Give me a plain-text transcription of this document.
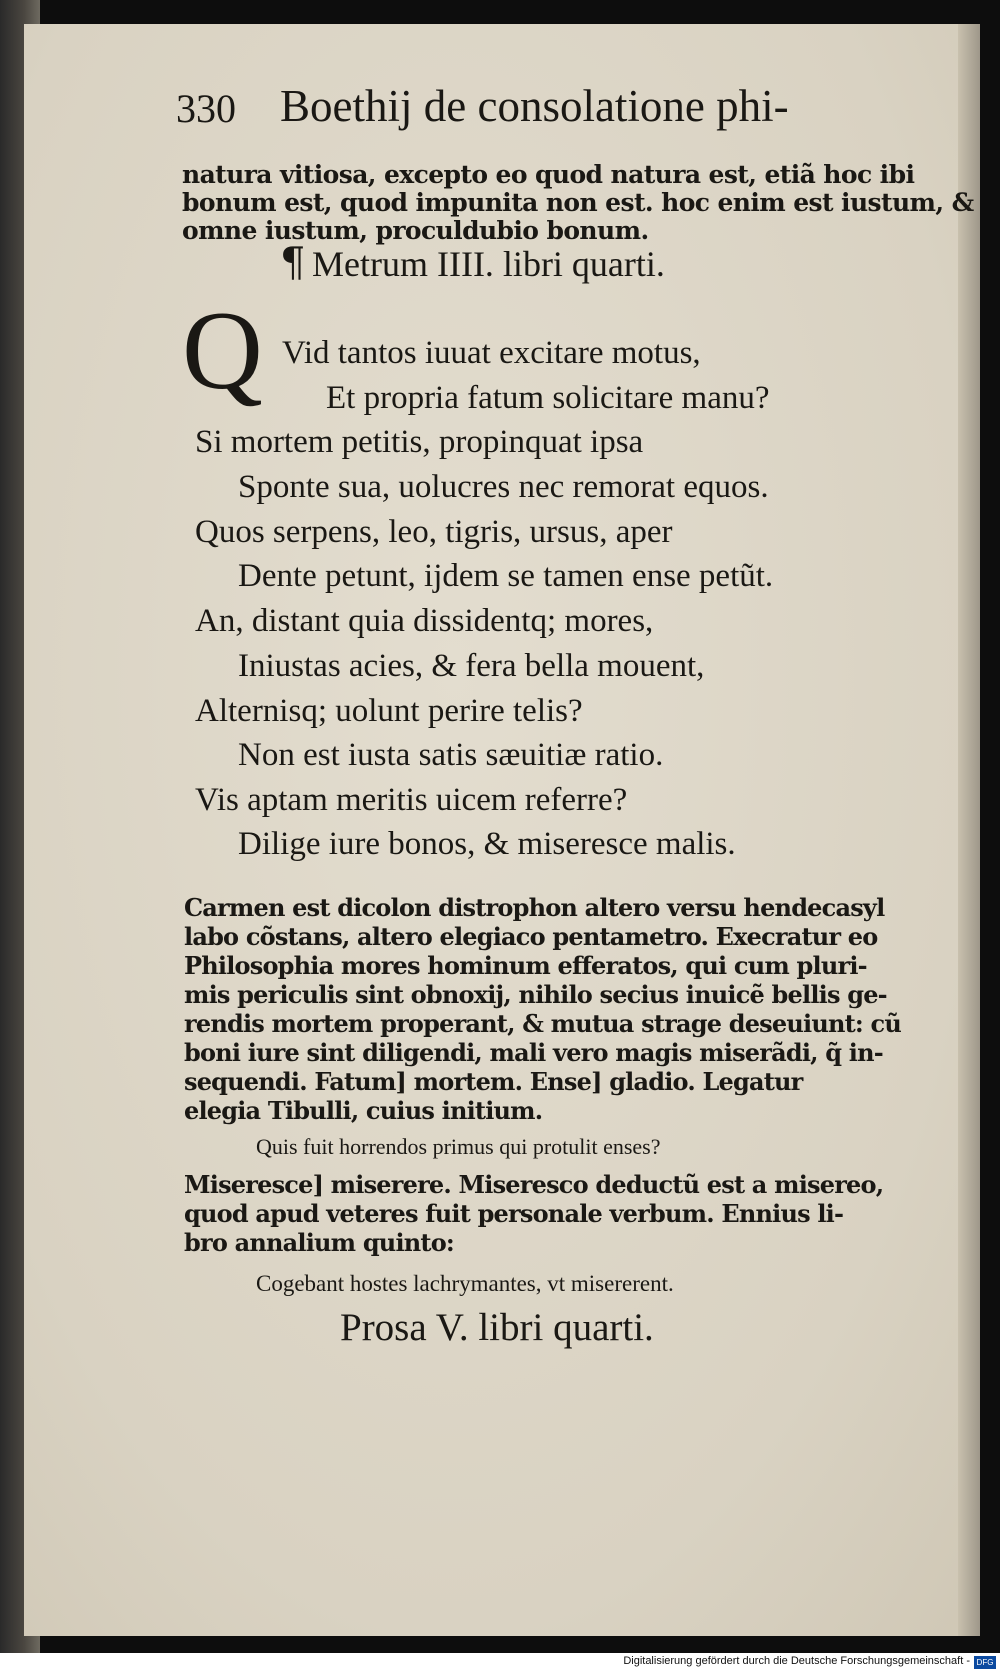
330 Boethij de consolatione phi-
natura vitiosa, excepto eo quod natura est, etiã hoc ibi
bonum est, quod impunita non est. hoc enim est iustum, &
omne iustum, proculdubio bonum.
¶ Metrum IIII. libri quarti.
Q Vid tantos iuuat excitare motus,
Et propria fatum solicitare manu?
Si mortem petitis, propinquat ipsa
Sponte sua, uolucres nec remorat equos.
Quos serpens, leo, tigris, ursus, aper
Dente petunt, ijdem se tamen ense petũt.
An, distant quia dissidentq; mores,
Iniustas acies, & fera bella mouent,
Alternisq; uolunt perire telis?
Non est iusta satis sæuitiæ ratio.
Vis aptam meritis uicem referre?
Dilige iure bonos, & miseresce malis.
Carmen est dicolon distrophon altero versu hendecasyl
labo cõstans, altero elegiaco pentametro. Execratur eo
Philosophia mores hominum efferatos, qui cum pluri-
mis periculis sint obnoxij, nihilo secius inuicẽ bellis ge-
rendis mortem properant, & mutua strage deseuiunt: cũ
boni iure sint diligendi, mali vero magis miserãdi, q̃ in-
sequendi. Fatum] mortem. Ense] gladio. Legatur
elegia Tibulli, cuius initium.
Quis fuit horrendos primus qui protulit enses?
Miseresce] miserere. Miseresco deductũ est a misereo,
quod apud veteres fuit personale verbum. Ennius li-
bro annalium quinto:
Cogebant hostes lachrymantes, vt misererent.
Prosa V. libri quarti.
Digitalisierung gefördert durch die Deutsche Forschungsgemeinschaft - DFG
